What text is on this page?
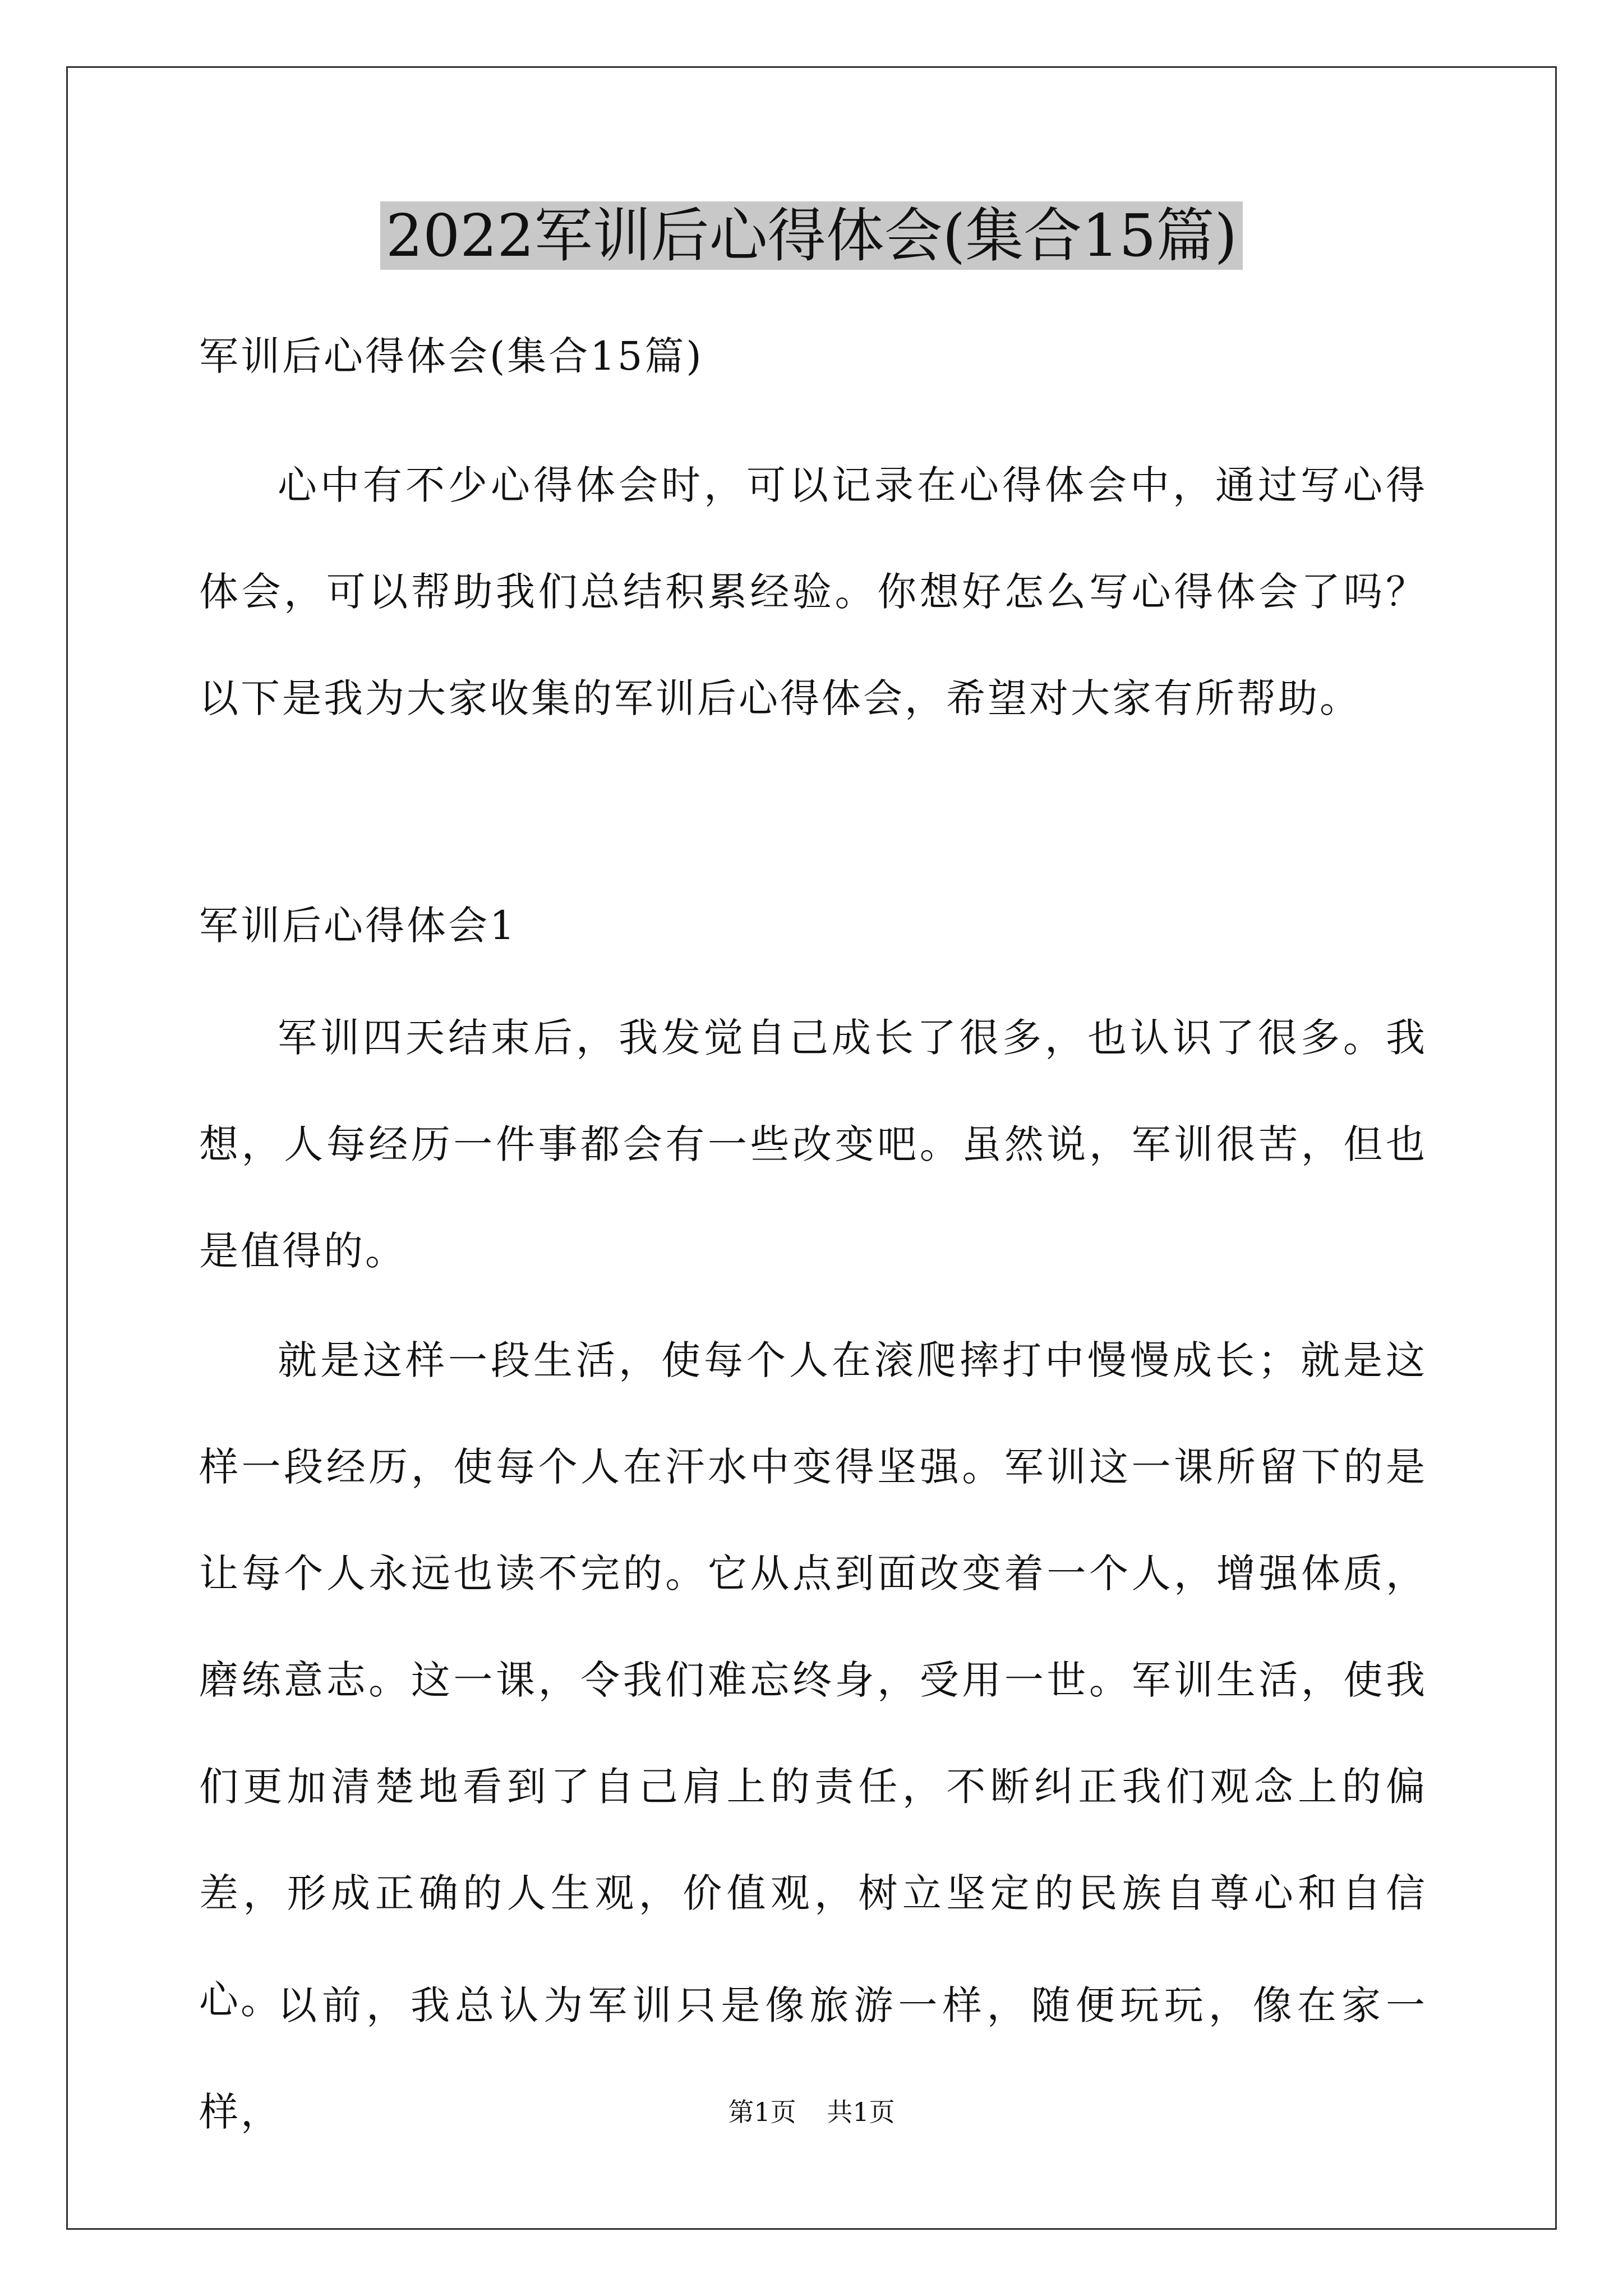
2022军训后心得体会(集合15篇)

军训后心得体会(集合15篇)

心中有不少心得体会时，可以记录在心得体会中，通过写心得体会，可以帮助我们总结积累经验。你想好怎么写心得体会了吗？以下是我为大家收集的军训后心得体会，希望对大家有所帮助。

军训后心得体会1

军训四天结束后，我发觉自己成长了很多，也认识了很多。我想，人每经历一件事都会有一些改变吧。虽然说，军训很苦，但也是值得的。

就是这样一段生活，使每个人在滚爬摔打中慢慢成长；就是这样一段经历，使每个人在汗水中变得坚强。军训这一课所留下的是让每个人永远也读不完的。它从点到面改变着一个人，增强体质，磨练意志。这一课，令我们难忘终身，受用一世。军训生活，使我们更加清楚地看到了自己肩上的责任，不断纠正我们观念上的偏差，形成正确的人生观，价值观，树立坚定的民族自尊心和自信心。

以前，我总认为军训只是像旅游一样，随便玩玩，像在家一样，	第1页 共1页
